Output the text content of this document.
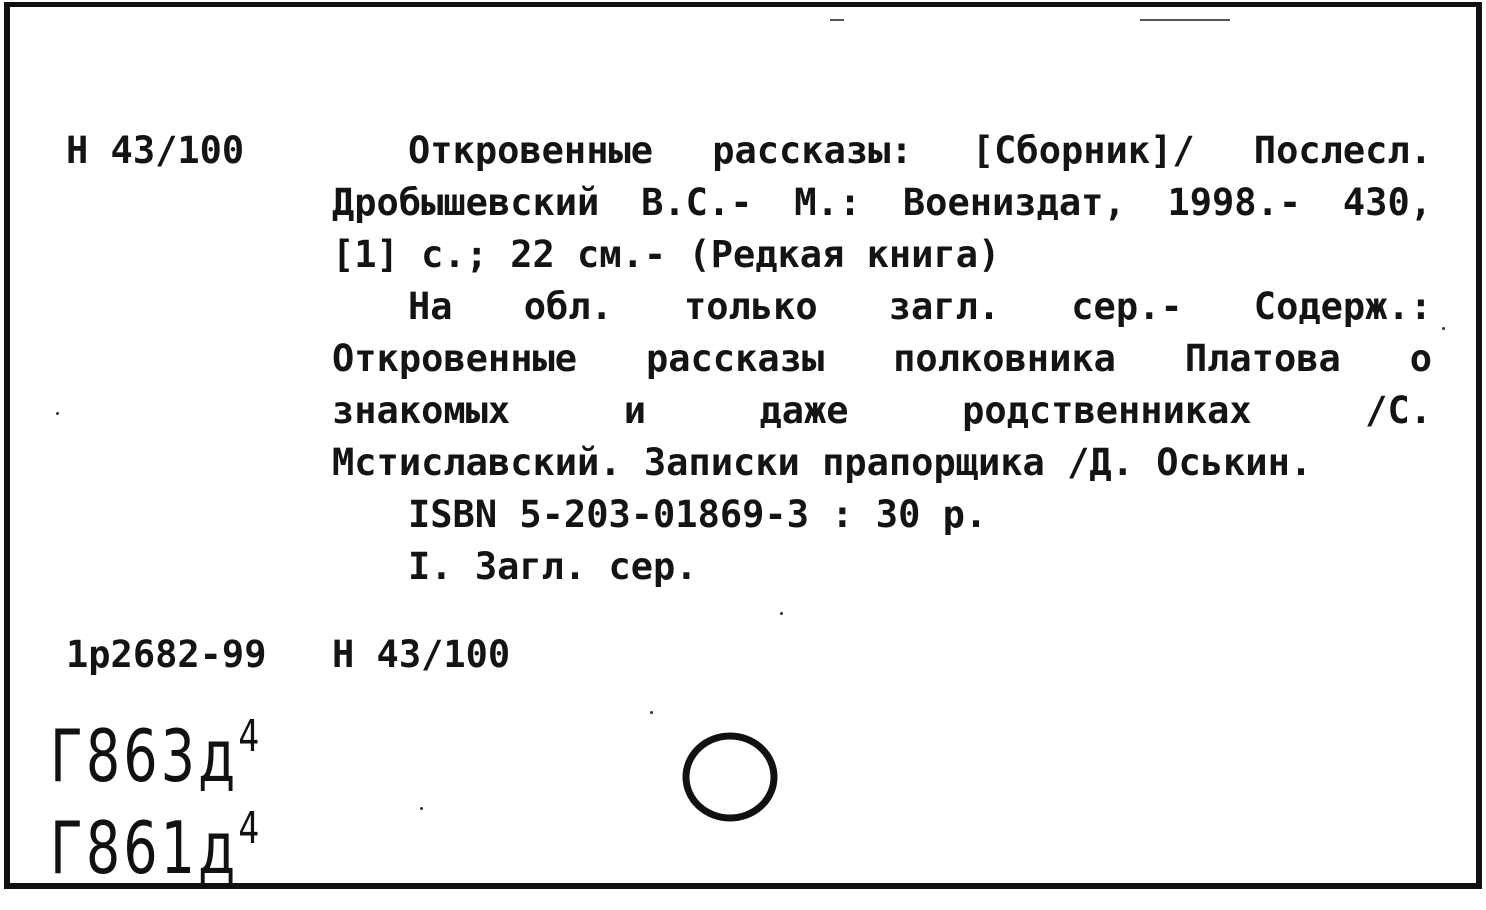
Н 43/100	Откровенные рассказы: [Сборник]/ Послесл.
Дробышевский В.С.- М.: Воениздат, 1998.- 430,
[1] с.; 22 см.- (Редкая книга)
На обл. только загл. сер.- Содерж.:
Откровенные рассказы полковника Платова о
знакомых и даже родственниках /С.
Мстиславский. Записки прапорщика /Д. Оськин.
ISBN 5-203-01869-3 : 30 р.
I. Загл. сер.
1p2682-99 Н 43/100
$Г863д^4$
$Г861д^4$
